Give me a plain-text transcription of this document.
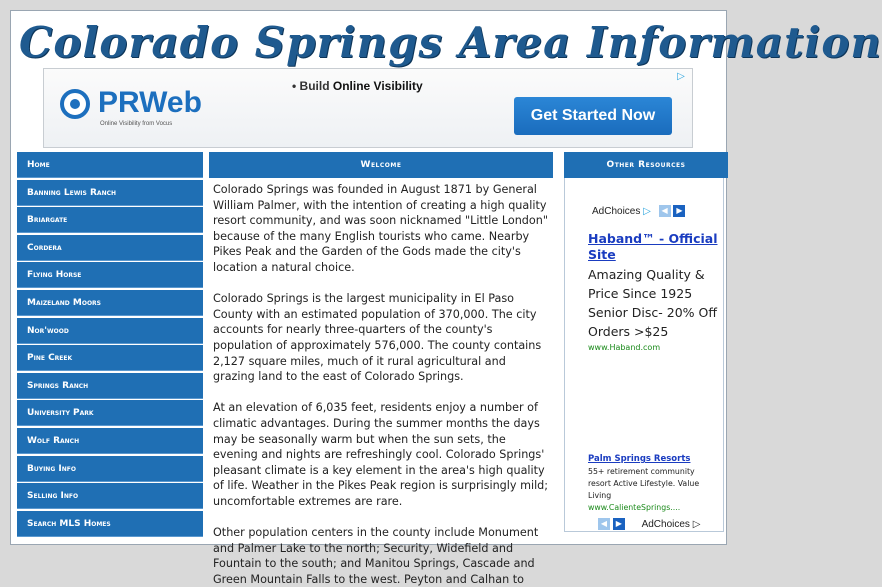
Colorado Springs Area Information
PRWeb
Online Visibility from Vocus
• Build Online Visibility
Get Started Now
▷
Home
Banning Lewis Ranch
Briargate
Cordera
Flying Horse
Maizeland Moors
Nor'wood
Pine Creek
Springs Ranch
University Park
Wolf Ranch
Buying Info
Selling Info
Search MLS Homes
Welcome

Colorado Springs was founded in August 1871 by General William Palmer, with the intention of creating a high quality resort community, and was soon nicknamed "Little London" because of the many English tourists who came. Nearby Pikes Peak and the Garden of the Gods made the city's location a natural choice.

Colorado Springs is the largest municipality in El Paso County with an estimated population of 370,000. The city accounts for nearly three-quarters of the county's population of approximately 576,000. The county contains 2,127 square miles, much of it rural agricultural and grazing land to the east of Colorado Springs.

At an elevation of 6,035 feet, residents enjoy a number of climatic advantages. During the summer months the days may be seasonally warm but when the sun sets, the evening and nights are refreshingly cool. Colorado Springs' pleasant climate is a key element in the area's high quality of life. Weather in the Pikes Peak region is surprisingly mild; uncomfortable extremes are rare.

Other population centers in the county include Monument and Palmer Lake to the north; Security, Widefield and Fountain to the south; and Manitou Springs, Cascade and Green Mountain Falls to the west. Peyton and Calhan to

Other Resources
AdChoices ▷ ◀ ▶
Haband™ - Official Site
Amazing Quality & Price Since 1925 Senior Disc- 20% Off Orders >$25
www.Haband.com
Palm Springs Resorts
55+ retirement community resort Active Lifestyle. Value Living
www.CalienteSprings....
◀ ▶ AdChoices ▷
